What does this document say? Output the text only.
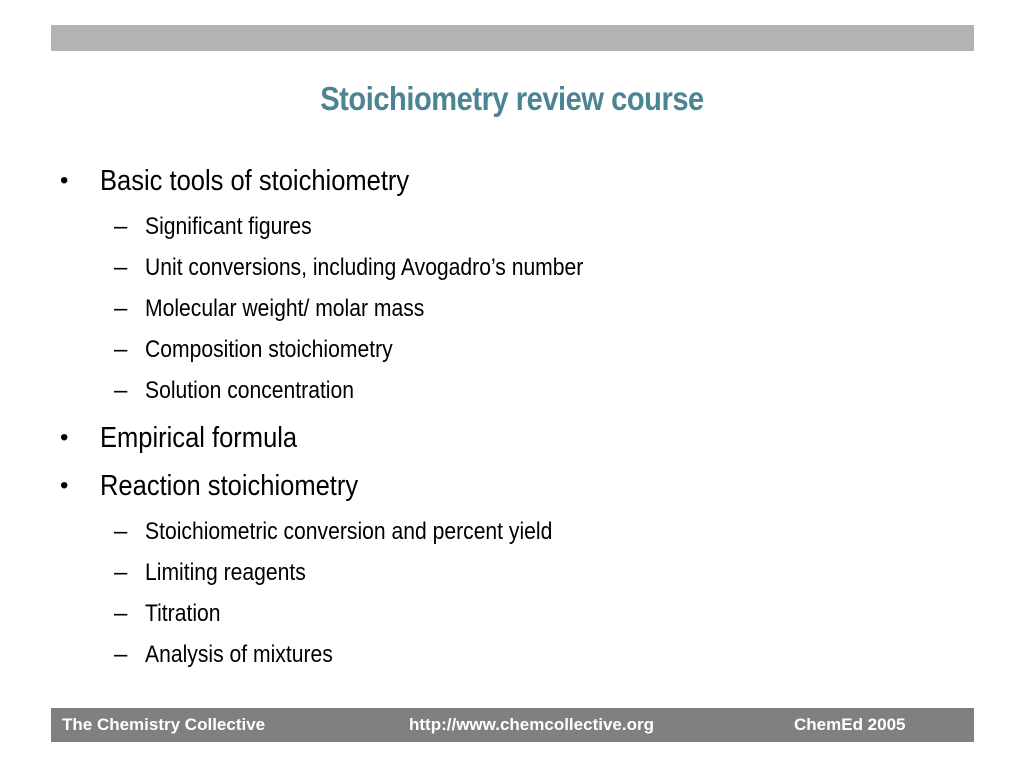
Stoichiometry review course
• Basic tools of stoichiometry
– Significant figures
– Unit conversions, including Avogadro’s number
– Molecular weight/ molar mass
– Composition stoichiometry
– Solution concentration
• Empirical formula
• Reaction stoichiometry
– Stoichiometric conversion and percent yield
– Limiting reagents
– Titration
– Analysis of mixtures
The Chemistry Collective	http://www.chemcollective.org	ChemEd 2005
